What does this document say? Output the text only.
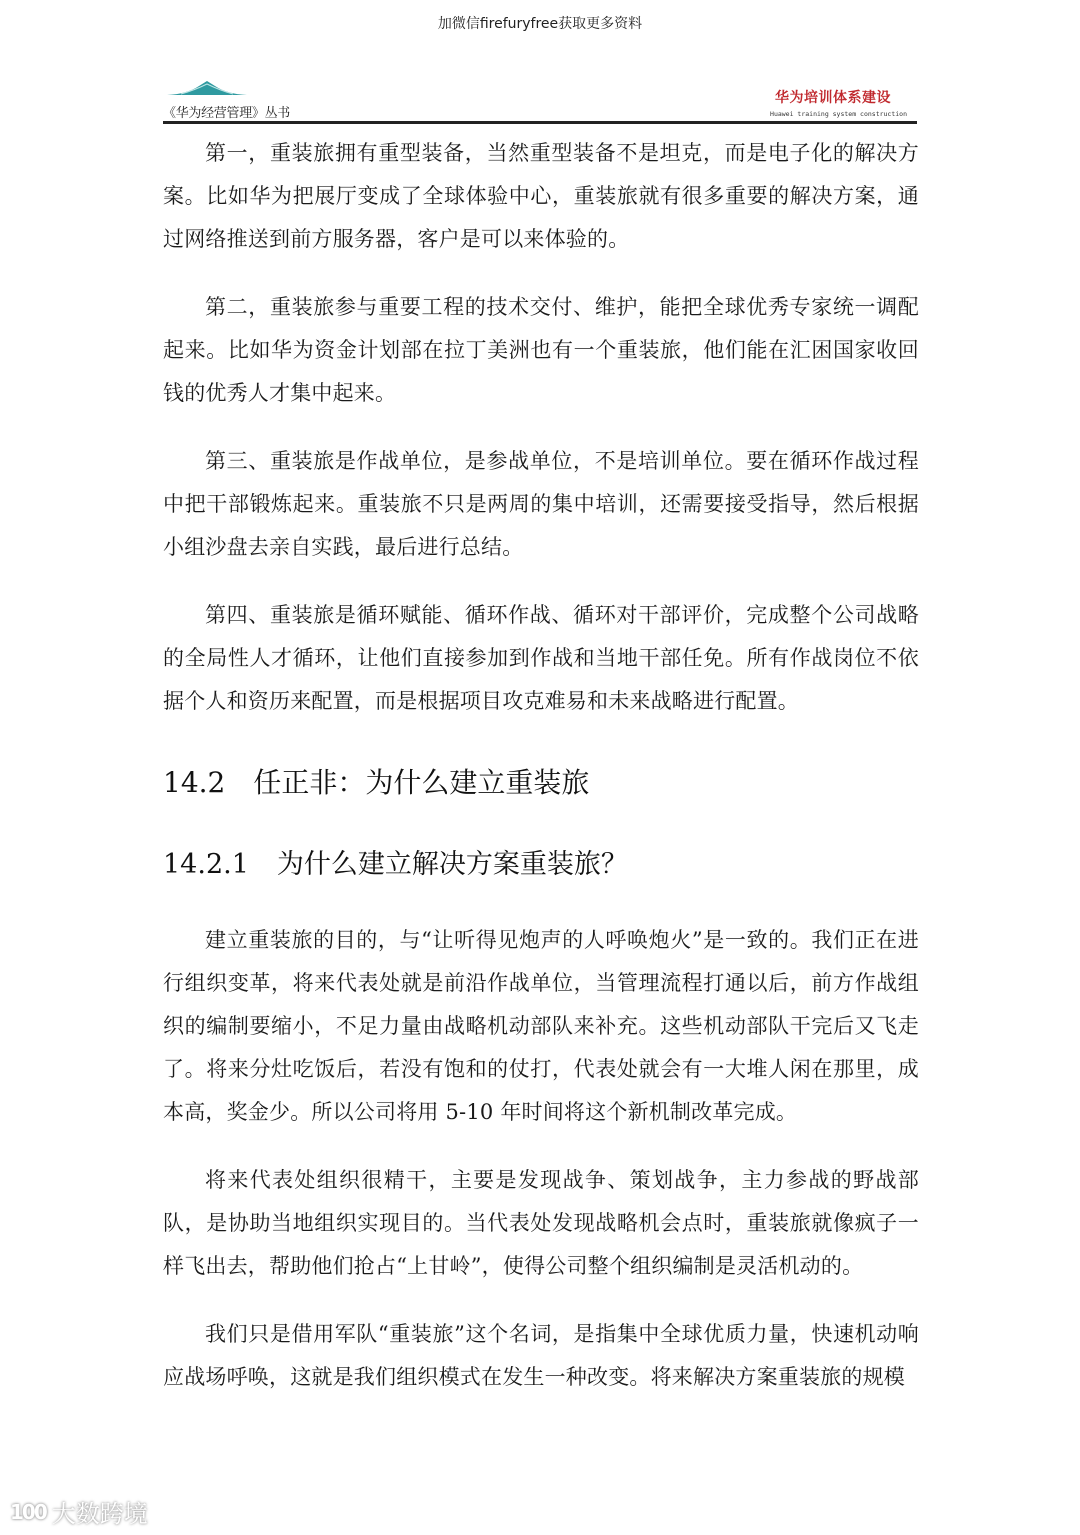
加微信firefuryfree获取更多资料
《华为经营管理》丛书
华为培训体系建设
Huawei training system construction

第一，重装旅拥有重型装备，当然重型装备不是坦克，而是电子化的解决方案。比如华为把展厅变成了全球体验中心，重装旅就有很多重要的解决方案，通过网络推送到前方服务器，客户是可以来体验的。

第二，重装旅参与重要工程的技术交付、维护，能把全球优秀专家统一调配起来。比如华为资金计划部在拉丁美洲也有一个重装旅，他们能在汇困国家收回钱的优秀人才集中起来。

第三、重装旅是作战单位，是参战单位，不是培训单位。要在循环作战过程中把干部锻炼起来。重装旅不只是两周的集中培训，还需要接受指导，然后根据小组沙盘去亲自实践，最后进行总结。

第四、重装旅是循环赋能、循环作战、循环对干部评价，完成整个公司战略的全局性人才循环，让他们直接参加到作战和当地干部任免。所有作战岗位不依据个人和资历来配置，而是根据项目攻克难易和未来战略进行配置。

14.2 任正非：为什么建立重装旅
14.2.1 为什么建立解决方案重装旅？

建立重装旅的目的，与“让听得见炮声的人呼唤炮火”是一致的。我们正在进行组织变革，将来代表处就是前沿作战单位，当管理流程打通以后，前方作战组织的编制要缩小，不足力量由战略机动部队来补充。这些机动部队干完后又飞走了。将来分灶吃饭后，若没有饱和的仗打，代表处就会有一大堆人闲在那里，成本高，奖金少。所以公司将用 5-10 年时间将这个新机制改革完成。

将来代表处组织很精干，主要是发现战争、策划战争，主力参战的野战部队，是协助当地组织实现目的。当代表处发现战略机会点时，重装旅就像疯子一样飞出去，帮助他们抢占“上甘岭”，使得公司整个组织编制是灵活机动的。

我们只是借用军队“重装旅”这个名词，是指集中全球优质力量，快速机动响应战场呼唤，这就是我们组织模式在发生一种改变。将来解决方案重装旅的规模

100 大数跨境
